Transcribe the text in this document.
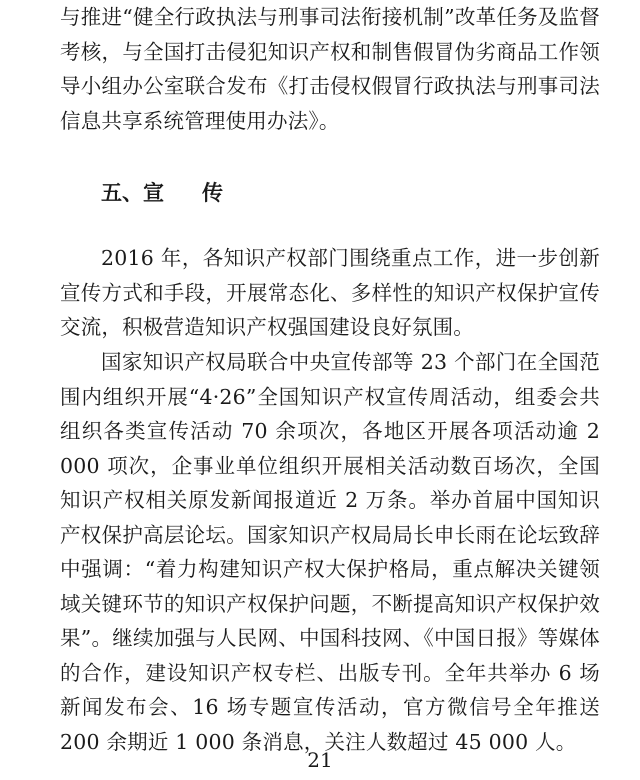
与推进“健全行政执法与刑事司法衔接机制”改革任务及监督考核，与全国打击侵犯知识产权和制售假冒伪劣商品工作领导小组办公室联合发布《打击侵权假冒行政执法与刑事司法信息共享系统管理使用办法》。

五、宣 传

2016 年，各知识产权部门围绕重点工作，进一步创新宣传方式和手段，开展常态化、多样性的知识产权保护宣传交流，积极营造知识产权强国建设良好氛围。

国家知识产权局联合中央宣传部等 23 个部门在全国范围内组织开展“4·26”全国知识产权宣传周活动，组委会共组织各类宣传活动 70 余项次，各地区开展各项活动逾 2 000 项次，企事业单位组织开展相关活动数百场次，全国知识产权相关原发新闻报道近 2 万条。举办首届中国知识产权保护高层论坛。国家知识产权局局长申长雨在论坛致辞中强调：“着力构建知识产权大保护格局，重点解决关键领域关键环节的知识产权保护问题，不断提高知识产权保护效果”。继续加强与人民网、中国科技网、《中国日报》等媒体的合作，建设知识产权专栏、出版专刊。全年共举办 6 场新闻发布会、16 场专题宣传活动，官方微信号全年推送 200 余期近 1 000 条消息，关注人数超过 45 000 人。

21
